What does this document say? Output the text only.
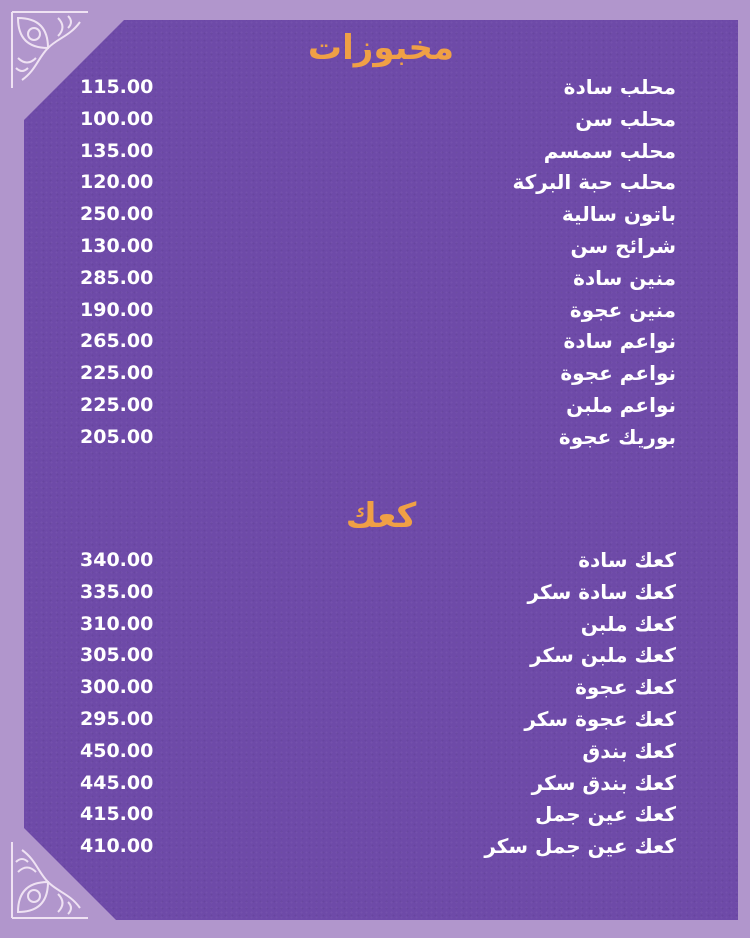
مخبوزات
محلب سادة
115.00
محلب سن
100.00
محلب سمسم
135.00
محلب حبة البركة
120.00
باتون سالية
250.00
شرائح سن
130.00
منين سادة
285.00
منين عجوة
190.00
نواعم سادة
265.00
نواعم عجوة
225.00
نواعم ملبن
225.00
بوريك عجوة
205.00
كعك
كعك سادة
340.00
كعك سادة سكر
335.00
كعك ملبن
310.00
كعك ملبن سكر
305.00
كعك عجوة
300.00
كعك عجوة سكر
295.00
كعك بندق
450.00
كعك بندق سكر
445.00
كعك عين جمل
415.00
كعك عين جمل سكر
410.00
